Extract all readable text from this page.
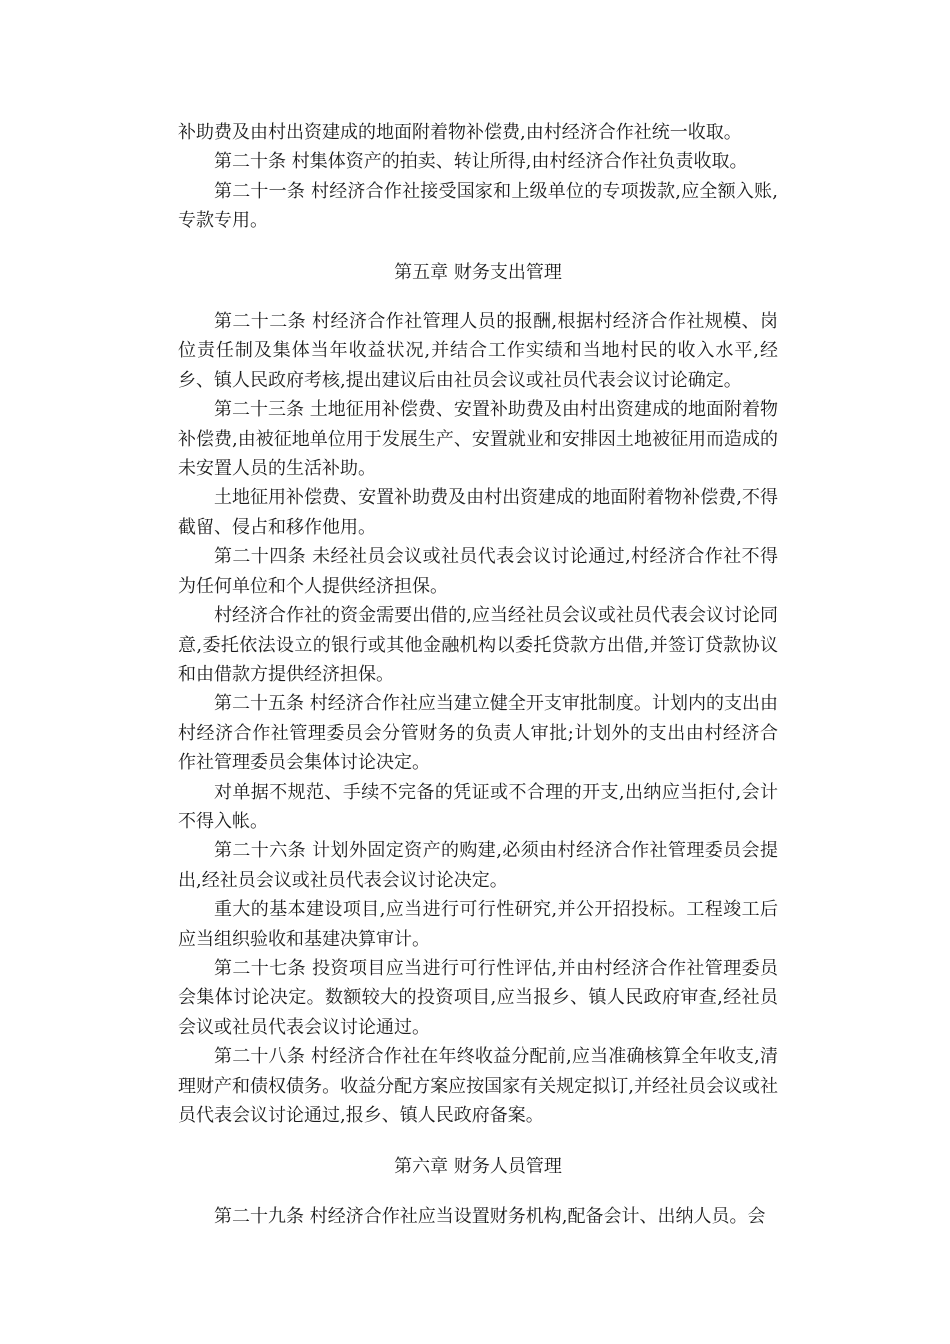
补助费及由村出资建成的地面附着物补偿费,由村经济合作社统一收取。

第二十条 村集体资产的拍卖、转让所得,由村经济合作社负责收取。

第二十一条 村经济合作社接受国家和上级单位的专项拨款,应全额入账,专款专用。

第五章 财务支出管理

第二十二条 村经济合作社管理人员的报酬,根据村经济合作社规模、岗位责任制及集体当年收益状况,并结合工作实绩和当地村民的收入水平,经乡、镇人民政府考核,提出建议后由社员会议或社员代表会议讨论确定。

第二十三条 土地征用补偿费、安置补助费及由村出资建成的地面附着物补偿费,由被征地单位用于发展生产、安置就业和安排因土地被征用而造成的未安置人员的生活补助。

土地征用补偿费、安置补助费及由村出资建成的地面附着物补偿费,不得截留、侵占和移作他用。

第二十四条 未经社员会议或社员代表会议讨论通过,村经济合作社不得为任何单位和个人提供经济担保。

村经济合作社的资金需要出借的,应当经社员会议或社员代表会议讨论同意,委托依法设立的银行或其他金融机构以委托贷款方出借,并签订贷款协议和由借款方提供经济担保。

第二十五条 村经济合作社应当建立健全开支审批制度。计划内的支出由村经济合作社管理委员会分管财务的负责人审批;计划外的支出由村经济合作社管理委员会集体讨论决定。

对单据不规范、手续不完备的凭证或不合理的开支,出纳应当拒付,会计不得入帐。

第二十六条 计划外固定资产的购建,必须由村经济合作社管理委员会提出,经社员会议或社员代表会议讨论决定。

重大的基本建设项目,应当进行可行性研究,并公开招投标。工程竣工后应当组织验收和基建决算审计。

第二十七条 投资项目应当进行可行性评估,并由村经济合作社管理委员会集体讨论决定。数额较大的投资项目,应当报乡、镇人民政府审查,经社员会议或社员代表会议讨论通过。

第二十八条 村经济合作社在年终收益分配前,应当准确核算全年收支,清理财产和债权债务。收益分配方案应按国家有关规定拟订,并经社员会议或社员代表会议讨论通过,报乡、镇人民政府备案。

第六章 财务人员管理

第二十九条 村经济合作社应当设置财务机构,配备会计、出纳人员。会
